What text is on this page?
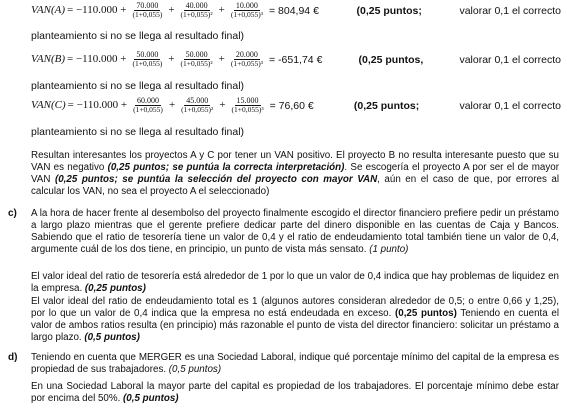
$VAN(A) = -110.000 + \frac{70.000}{(1+0,055)} + \frac{40.000}{\text{(1+0,055)²}} + \frac{10.000}{\text{(1+0,055)³}} = 804,94$ €	(0,25 puntos;	valorar 0,1 el correcto
planteamiento si no se llega al resultado final)
$VAN(B) = -110.000 + \frac{50.000}{(1+0,055)} + \frac{50.000}{\text{(1+0,055)²}} + \frac{20.000}{\text{(1+0,055)³}} = -651,74$ €	(0,25 puntos,	valorar 0,1 el correcto
planteamiento si no se llega al resultado final)
$VAN(C) = -110.000 + \frac{60.000}{(1+0,055)} + \frac{45.000}{\text{(1+0,055)²}} + \frac{15.000}{\text{(1+0,055)³}} = 76,60$ €	(0,25 puntos;	valorar 0,1 el correcto
planteamiento si no se llega al resultado final)
Resultan interesantes los proyectos A y C por tener un VAN positivo. El proyecto B no resulta interesante puesto que su VAN es negativo (0,25 puntos; se puntúa la correcta interpretación). Se escogería el proyecto A por ser el de mayor VAN (0,25 puntos; se puntúa la selección del proyecto con mayor VAN, aún en el caso de que, por errores al calcular los VAN, no sea el proyecto A el seleccionado)
c) A la hora de hacer frente al desembolso del proyecto finalmente escogido el director financiero prefiere pedir un préstamo a largo plazo mientras que el gerente prefiere dedicar parte del dinero disponible en las cuentas de Caja y Bancos. Sabiendo que el ratio de tesorería tiene un valor de 0,4 y el ratio de endeudamiento total también tiene un valor de 0,4, argumente cuál de los dos tiene, en principio, un punto de vista más sensato. (1 punto)
El valor ideal del ratio de tesorería está alrededor de 1 por lo que un valor de 0,4 indica que hay problemas de liquidez en la empresa. (0,25 puntos)
El valor ideal del ratio de endeudamiento total es 1 (algunos autores consideran alrededor de 0,5; o entre 0,66 y 1,25), por lo que un valor de 0,4 indica que la empresa no está endeudada en exceso. (0,25 puntos) Teniendo en cuenta el valor de ambos ratios resulta (en principio) más razonable el punto de vista del director financiero: solicitar un préstamo a largo plazo. (0,5 puntos)
d) Teniendo en cuenta que MERGER es una Sociedad Laboral, indique qué porcentaje mínimo del capital de la empresa es propiedad de sus trabajadores. (0,5 puntos)
En una Sociedad Laboral la mayor parte del capital es propiedad de los trabajadores. El porcentaje mínimo debe estar por encima del 50%. (0,5 puntos)
